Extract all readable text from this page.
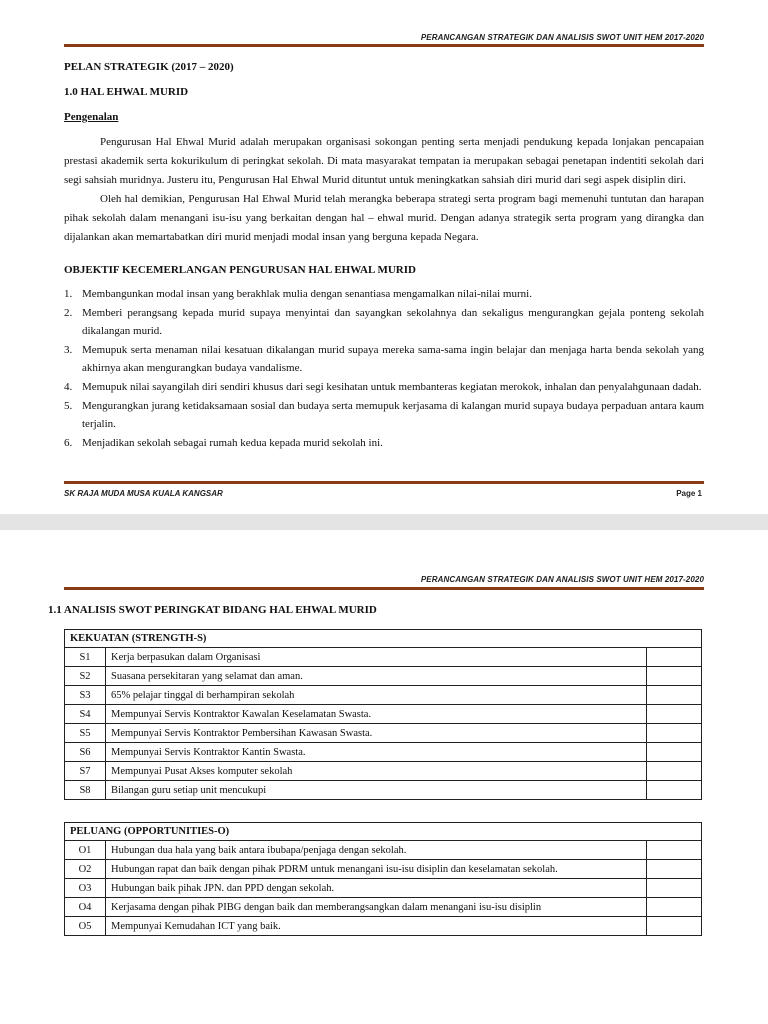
PERANCANGAN STRATEGIK DAN ANALISIS SWOT UNIT HEM 2017-2020
PELAN STRATEGIK (2017 – 2020)
1.0 HAL EHWAL MURID
Pengenalan
Pengurusan Hal Ehwal Murid adalah merupakan organisasi sokongan penting serta menjadi pendukung kepada lonjakan pencapaian prestasi akademik serta kokurikulum di peringkat sekolah. Di mata masyarakat tempatan ia merupakan sebagai penetapan indentiti sekolah dari segi sahsiah muridnya. Justeru itu, Pengurusan Hal Ehwal Murid dituntut untuk meningkatkan sahsiah diri murid dari segi aspek disiplin diri.
Oleh hal demikian, Pengurusan Hal Ehwal Murid telah merangka beberapa strategi serta program bagi memenuhi tuntutan dan harapan pihak sekolah dalam menangani isu-isu yang berkaitan dengan hal – ehwal murid. Dengan adanya strategik serta program yang dirangka dan dijalankan akan memartabatkan diri murid menjadi modal insan yang berguna kepada Negara.
OBJEKTIF KECEMERLANGAN PENGURUSAN HAL EHWAL MURID
1. Membangunkan modal insan yang berakhlak mulia dengan senantiasa mengamalkan nilai-nilai murni.
2. Memberi perangsang kepada murid supaya menyintai dan sayangkan sekolahnya dan sekaligus mengurangkan gejala ponteng sekolah dikalangan murid.
3. Memupuk serta menaman nilai kesatuan dikalangan murid supaya mereka sama-sama ingin belajar dan menjaga harta benda sekolah yang akhirnya akan mengurangkan budaya vandalisme.
4. Memupuk nilai sayangilah diri sendiri khusus dari segi kesihatan untuk membanteras kegiatan merokok, inhalan dan penyalahgunaan dadah.
5. Mengurangkan jurang ketidaksamaan sosial dan budaya serta memupuk kerjasama di kalangan murid supaya budaya perpaduan antara kaum terjalin.
6. Menjadikan sekolah sebagai rumah kedua kepada murid sekolah ini.
SK RAJA MUDA MUSA KUALA KANGSAR	Page 1
PERANCANGAN STRATEGIK DAN ANALISIS SWOT UNIT HEM 2017-2020
1.1 ANALISIS SWOT PERINGKAT BIDANG HAL EHWAL MURID
KEKUATAN (STRENGTH-S)		
S1	Kerja berpasukan dalam Organisasi	
S2	Suasana persekitaran yang selamat dan aman.	
S3	65% pelajar tinggal di berhampiran sekolah	
S4	Mempunyai Servis Kontraktor Kawalan Keselamatan Swasta.	
S5	Mempunyai Servis Kontraktor Pembersihan Kawasan Swasta.	
S6	Mempunyai Servis Kontraktor Kantin Swasta.	
S7	Mempunyai Pusat Akses komputer sekolah	
S8	Bilangan guru setiap unit mencukupi	
PELUANG (OPPORTUNITIES-O)		
O1	Hubungan dua hala yang baik antara ibubapa/penjaga dengan sekolah.	
O2	Hubungan rapat dan baik dengan pihak PDRM untuk menangani isu-isu disiplin dan keselamatan sekolah.	
O3	Hubungan baik pihak JPN. dan PPD dengan sekolah.	
O4	Kerjasama dengan pihak PIBG dengan baik dan memberangsangkan dalam menangani isu-isu disiplin	
O5	Mempunyai Kemudahan ICT yang baik.	
